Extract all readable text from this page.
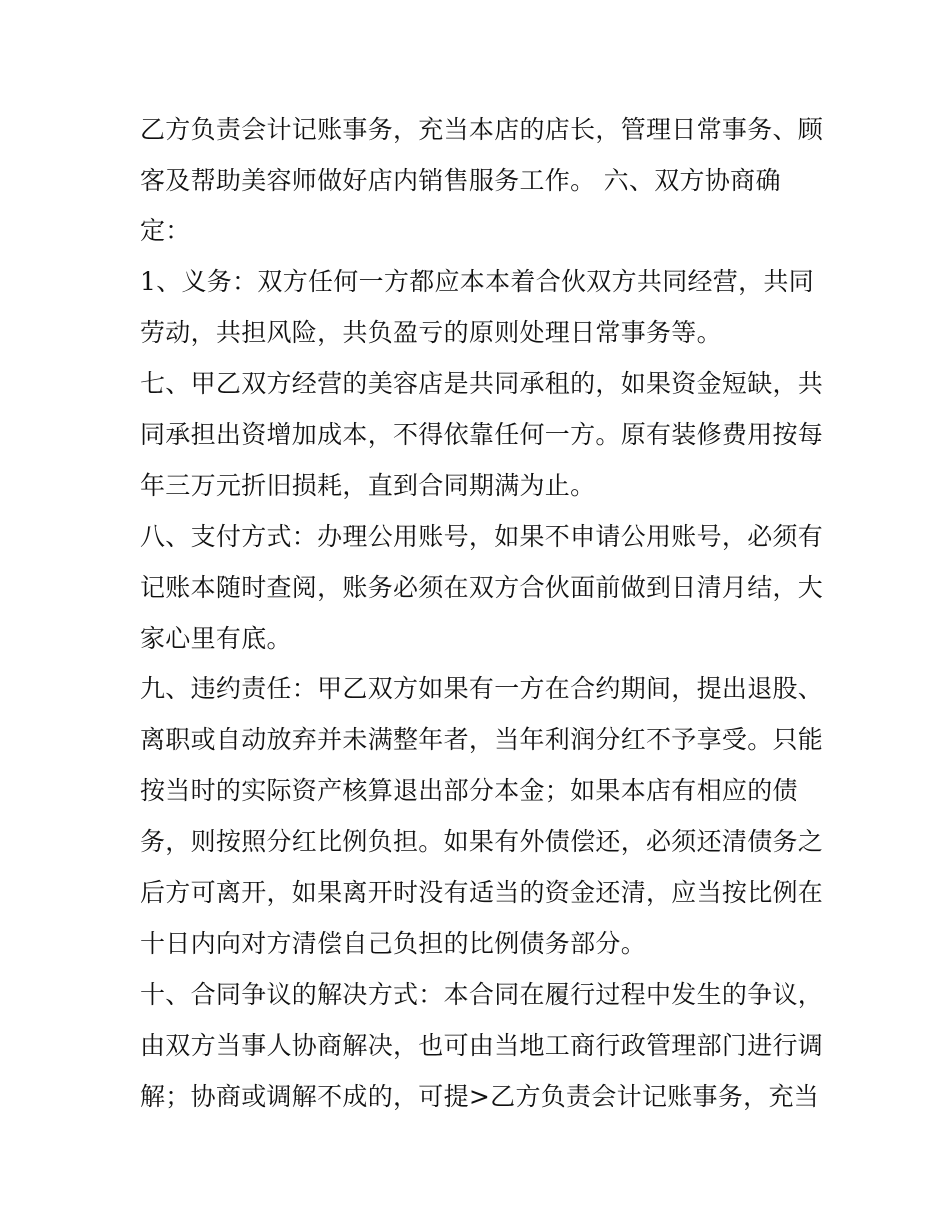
乙方负责会计记账事务，充当本店的店长，管理日常事务、顾
客及帮助美容师做好店内销售服务工作。 六、双方协商确
定：
1、义务：双方任何一方都应本本着合伙双方共同经营，共同
劳动，共担风险，共负盈亏的原则处理日常事务等。
七、甲乙双方经营的美容店是共同承租的，如果资金短缺，共
同承担出资增加成本，不得依靠任何一方。原有装修费用按每
年三万元折旧损耗，直到合同期满为止。
八、支付方式：办理公用账号，如果不申请公用账号，必须有
记账本随时查阅，账务必须在双方合伙面前做到日清月结，大
家心里有底。
九、违约责任：甲乙双方如果有一方在合约期间，提出退股、
离职或自动放弃并未满整年者，当年利润分红不予享受。只能
按当时的实际资产核算退出部分本金；如果本店有相应的债
务，则按照分红比例负担。如果有外债偿还，必须还清债务之
后方可离开，如果离开时没有适当的资金还清，应当按比例在
十日内向对方清偿自己负担的比例债务部分。
十、合同争议的解决方式：本合同在履行过程中发生的争议，
由双方当事人协商解决，也可由当地工商行政管理部门进行调
解；协商或调解不成的，可提>乙方负责会计记账事务，充当
